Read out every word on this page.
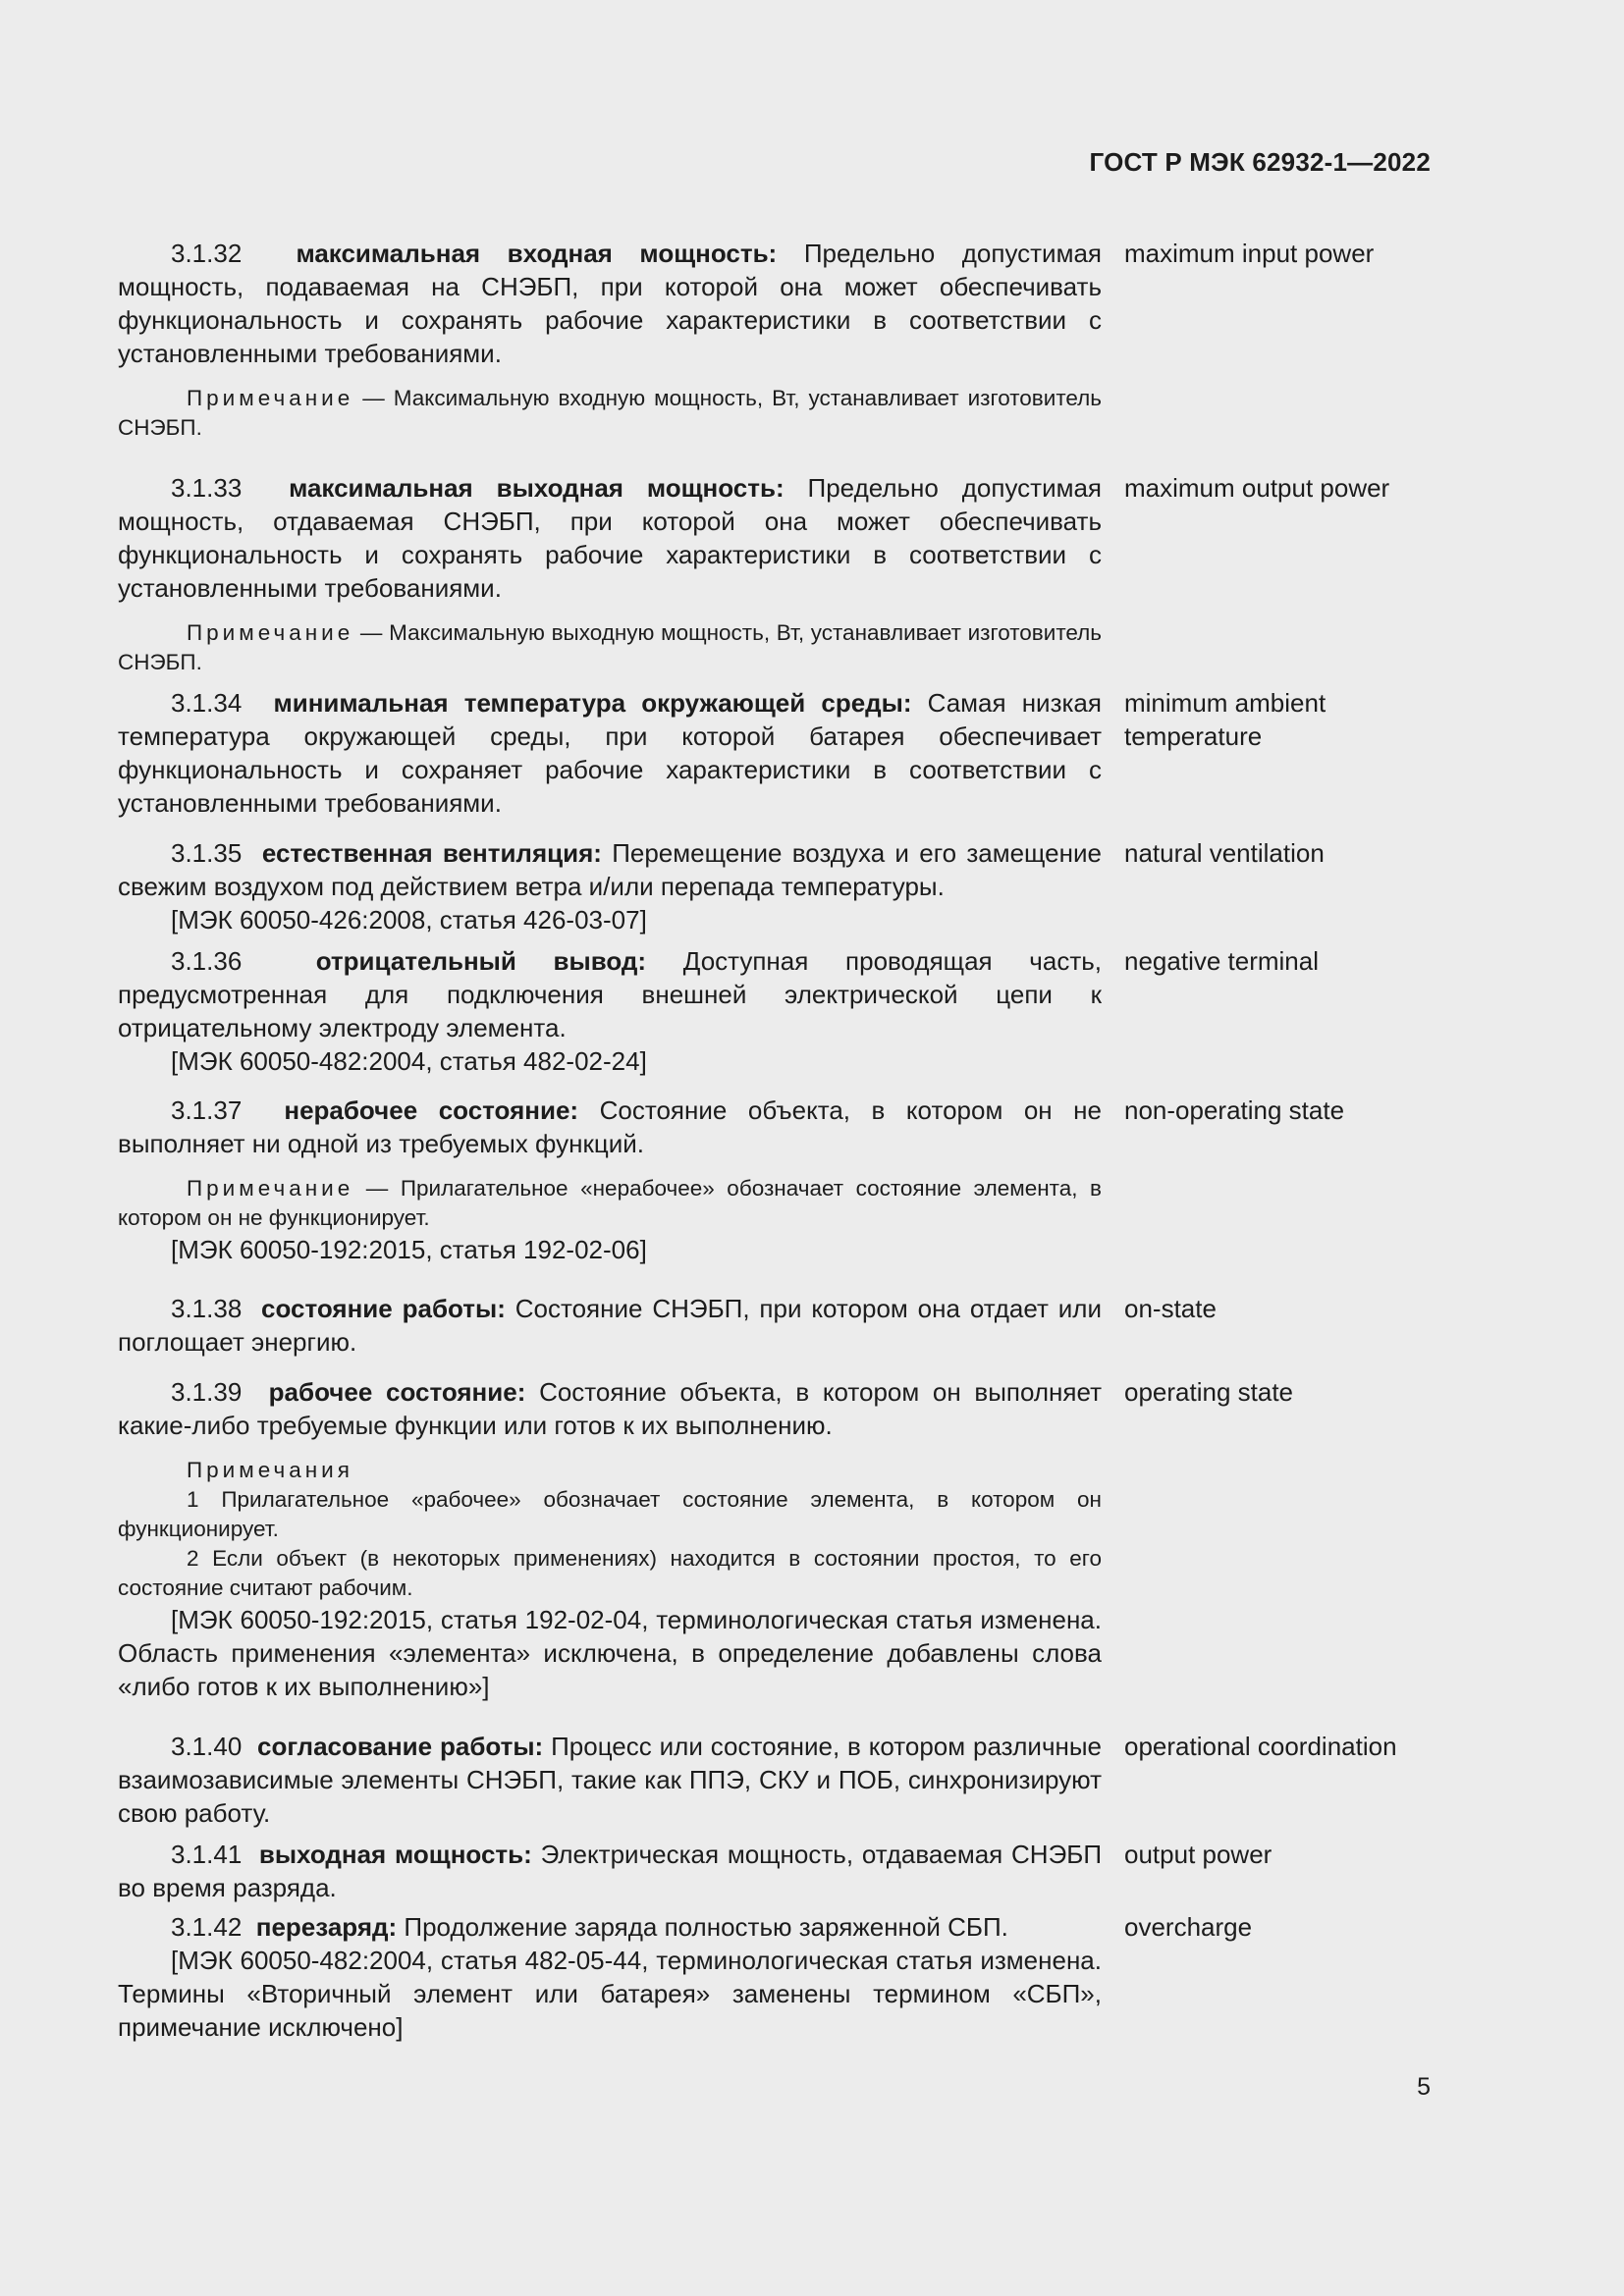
ГОСТ Р МЭК 62932-1—2022

3.1.32 максимальная входная мощность: Предельно допустимая мощность, подаваемая на СНЭБП, при которой она может обеспечивать функциональность и сохранять рабочие характеристики в соответствии с установленными требованиями.

Примечание — Максимальную входную мощность, Вт, устанавливает изготовитель СНЭБП.

maximum input power

3.1.33 максимальная выходная мощность: Предельно допустимая мощность, отдаваемая СНЭБП, при которой она может обеспечивать функциональность и сохранять рабочие характеристики в соответствии с установленными требованиями.

Примечание — Максимальную выходную мощность, Вт, устанавливает изготовитель СНЭБП.

maximum output power

3.1.34 минимальная температура окружающей среды: Самая низкая температура окружающей среды, при которой батарея обеспечивает функциональность и сохраняет рабочие характеристики в соответствии с установленными требованиями.

minimum ambient temperature

3.1.35 естественная вентиляция: Перемещение воздуха и его замещение свежим воздухом под действием ветра и/или перепада температуры.

[МЭК 60050-426:2008, статья 426-03-07]

natural ventilation

3.1.36	отрицательный вывод: Доступная проводящая часть, предусмотренная для подключения внешней электрической цепи к отрицательному электроду элемента.

[МЭК 60050-482:2004, статья 482-02-24]

negative terminal

3.1.37 нерабочее состояние: Состояние объекта, в котором он не выполняет ни одной из требуемых функций.

Примечание — Прилагательное «нерабочее» обозначает состояние элемента, в котором он не функционирует.

[МЭК 60050-192:2015, статья 192-02-06]

non-operating state

3.1.38 состояние работы: Состояние СНЭБП, при котором она отдает или поглощает энергию.

on-state

3.1.39 рабочее состояние: Состояние объекта, в котором он выполняет какие-либо требуемые функции или готов к их выполнению.

Примечания

1 Прилагательное «рабочее» обозначает состояние элемента, в котором он функционирует.

2 Если объект (в некоторых применениях) находится в состоянии простоя, то его состояние считают рабочим.

[МЭК 60050-192:2015, статья 192-02-04, терминологическая статья изменена. Область применения «элемента» исключена, в определение добавлены слова «либо готов к их выполнению»]

operating state

3.1.40 согласование работы: Процесс или состояние, в котором различные взаимозависимые элементы СНЭБП, такие как ППЭ, СКУ и ПОБ, синхронизируют свою работу.

operational coordination

3.1.41 выходная мощность: Электрическая мощность, отдаваемая СНЭБП во время разряда.

output power

3.1.42 перезаряд: Продолжение заряда полностью заряженной СБП.

[МЭК 60050-482:2004, статья 482-05-44, терминологическая статья изменена. Термины «Вторичный элемент или батарея» заменены термином «СБП», примечание исключено]

overcharge
5
